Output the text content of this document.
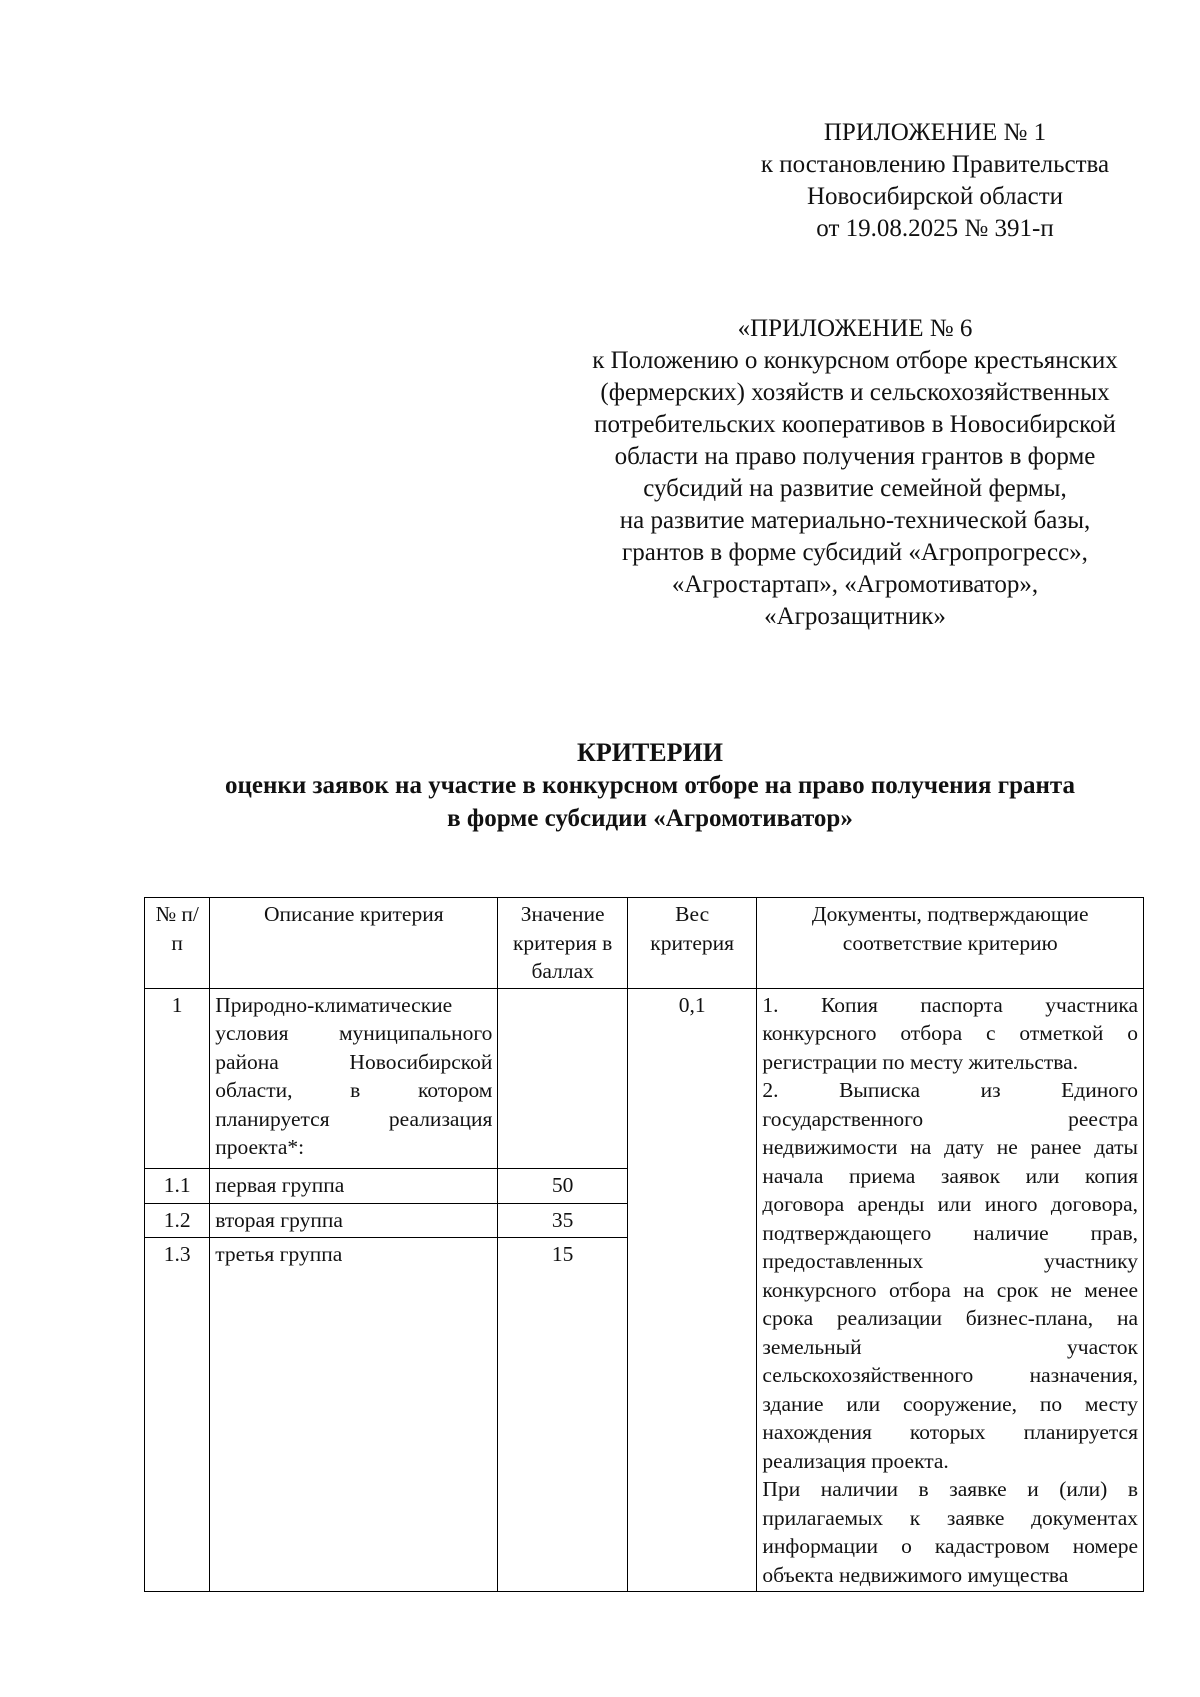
ПРИЛОЖЕНИЕ № 1
к постановлению Правительства
Новосибирской области
от 19.08.2025 № 391-п
«ПРИЛОЖЕНИЕ № 6
к Положению о конкурсном отборе крестьянских
(фермерских) хозяйств и сельскохозяйственных
потребительских кооперативов в Новосибирской
области на право получения грантов в форме
субсидий на развитие семейной фермы,
на развитие материально-технической базы,
грантов в форме субсидий «Агропрогресс»,
«Агростартап», «Агромотиватор»,
«Агрозащитник»
КРИТЕРИИ
оценки заявок на участие в конкурсном отборе на право получения гранта
в форме субсидии «Агромотиватор»
№ п/п	Описание критерия	Значение критерия в баллах	Вес критерия	Документы, подтверждающие соответствие критерию
1	Природно-климатические условия муниципального района Новосибирской области, в котором планируется реализация проекта*:		0,1	1. Копия паспорта участника конкурсного отбора с отметкой о регистрации по месту жительства.
2. Выписка из Единого государственного реестра недвижимости на дату не ранее даты начала приема заявок или копия договора аренды или иного договора, подтверждающего наличие прав, предоставленных участнику конкурсного отбора на срок не менее срока реализации бизнес-плана, на земельный участок сельскохозяйственного назначения, здание или сооружение, по месту нахождения которых планируется реализация проекта.
При наличии в заявке и (или) в прилагаемых к заявке документах информации о кадастровом номере объекта недвижимого имущества

1.1	первая группа	50		
1.2	вторая группа	35		
1.3	третья группа	15		
